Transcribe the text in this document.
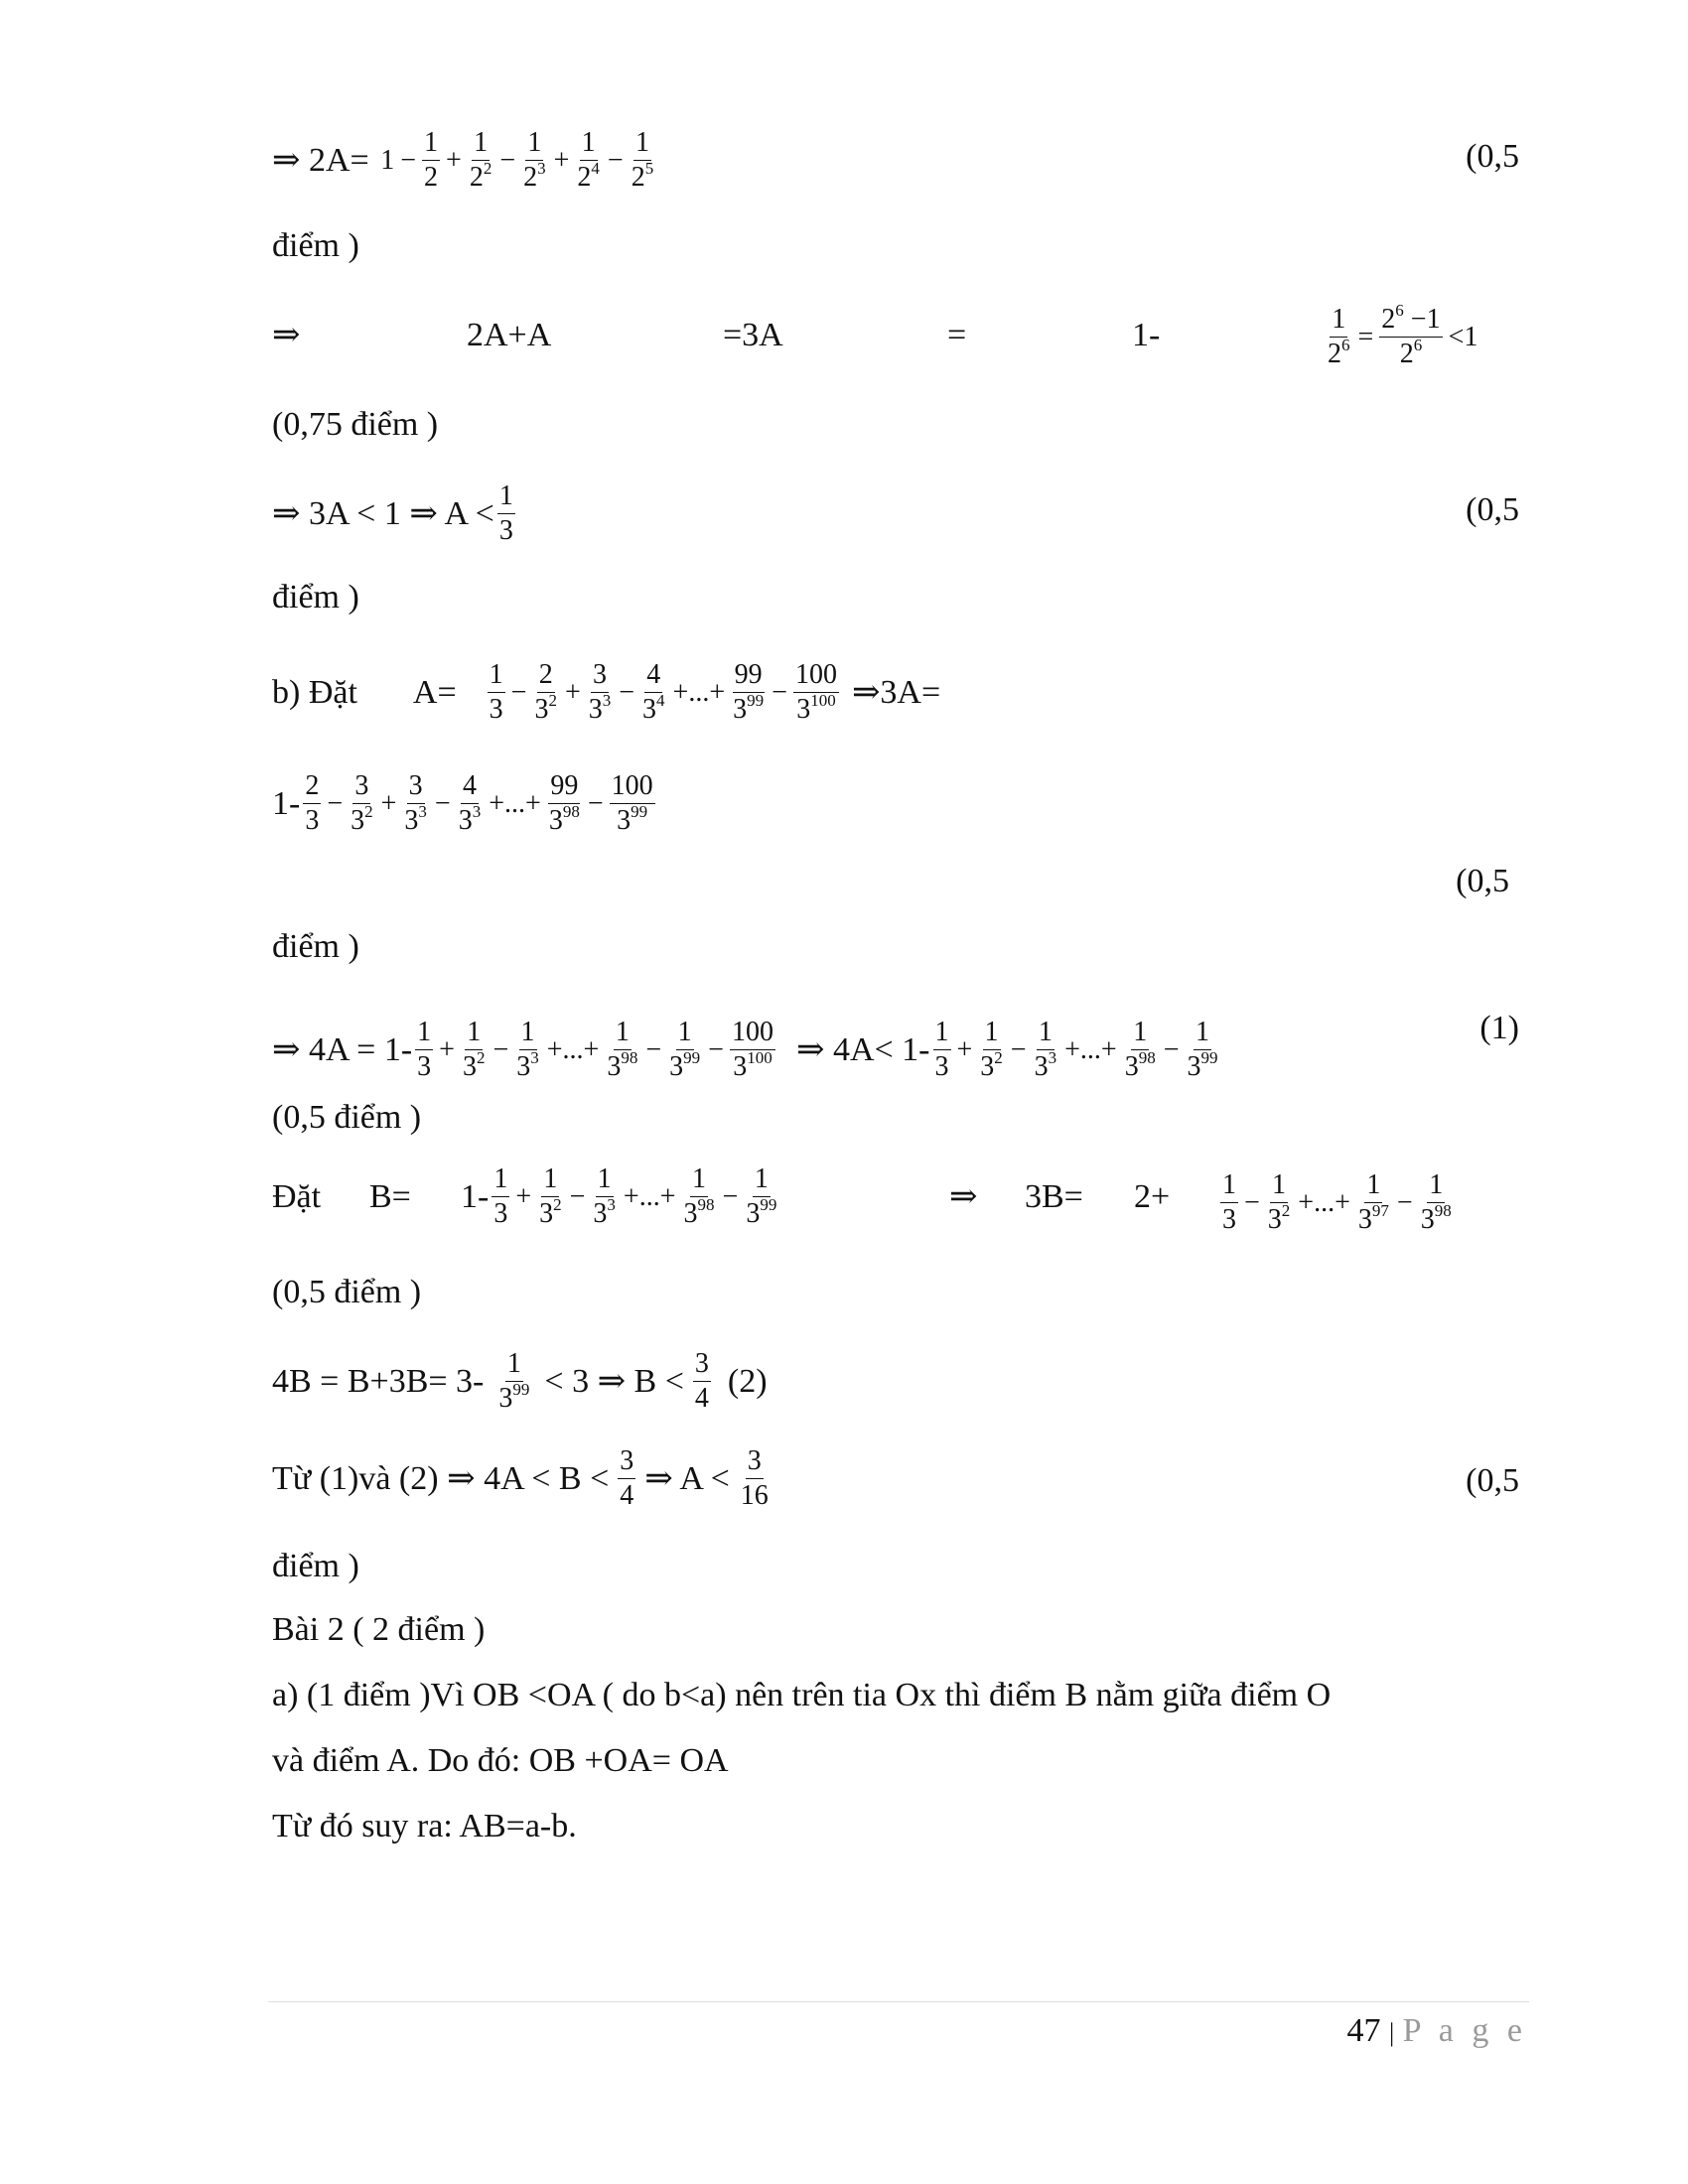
⇒ 2A=
$1 - \frac{1}{2} + \frac{1}{2^2} - \frac{1}{2^3} + \frac{1}{2^4} - \frac{1}{2^5}$	(0,5
điểm )
⇒	2A+A	=3A	=	1-	$\frac{1}{2^6} = \frac{2^6 -1}{2^6} <1$
(0,75 điểm )
⇒ 3A < 1 ⇒ A < 1
3
(0,5
điểm )
b) Đặt A= 1
3
− $\frac{2}{3^2} + \frac{3}{3^3} - \frac{4}{3^4}$ +...+ $\frac{99}{3^{99}} - \frac{100}{3^{100}}$ ⇒3A=
1- 2
3
− $\frac{3}{3^2} + \frac{3}{3^3} - \frac{4}{3^3}$ +...+ $\frac{99}{3^{98}} - \frac{100}{3^{99}}$
(0,5
điểm )
⇒ 4A = 1- 1
3
+ $\frac{1}{3^2} - \frac{1}{3^3}$ +...+ $\frac{1}{3^{98}} - \frac{1}{3^{99}} - \frac{100}{3^{100}}$ ⇒ 4A< 1- 1
3
+ $\frac{1}{3^2} - \frac{1}{3^3}$ +...+ $\frac{1}{3^{98}} - \frac{1}{3^{99}}$	(1)
(0,5 điểm )
Đặt B= 1- 1
3
+ $\frac{1}{3^2} - \frac{1}{3^3}$ +...+ $\frac{1}{3^{98}} - \frac{1}{3^{99}}$	⇒ 3B= 2+ 1
3
− $\frac{1}{3^2}$ +...+ $\frac{1}{3^{97}} - \frac{1}{3^{98}}$
(0,5 điểm )
4B = B+3B= 3- 1
$3^{99} < 3$ ⇒ B < 3
4 (2)
Từ (1)và (2) ⇒ 4A < B < 3
4 ⇒ A < 3
16	(0,5
điểm )
Bài 2 ( 2 điểm )
a) (1 điểm )Vì OB <OA ( do b<a) nên trên tia Ox thì điểm B nằm giữa điểm O
và điểm A. Do đó: OB +OA= OA
Từ đó suy ra: AB=a-b.
47 | P a g e
